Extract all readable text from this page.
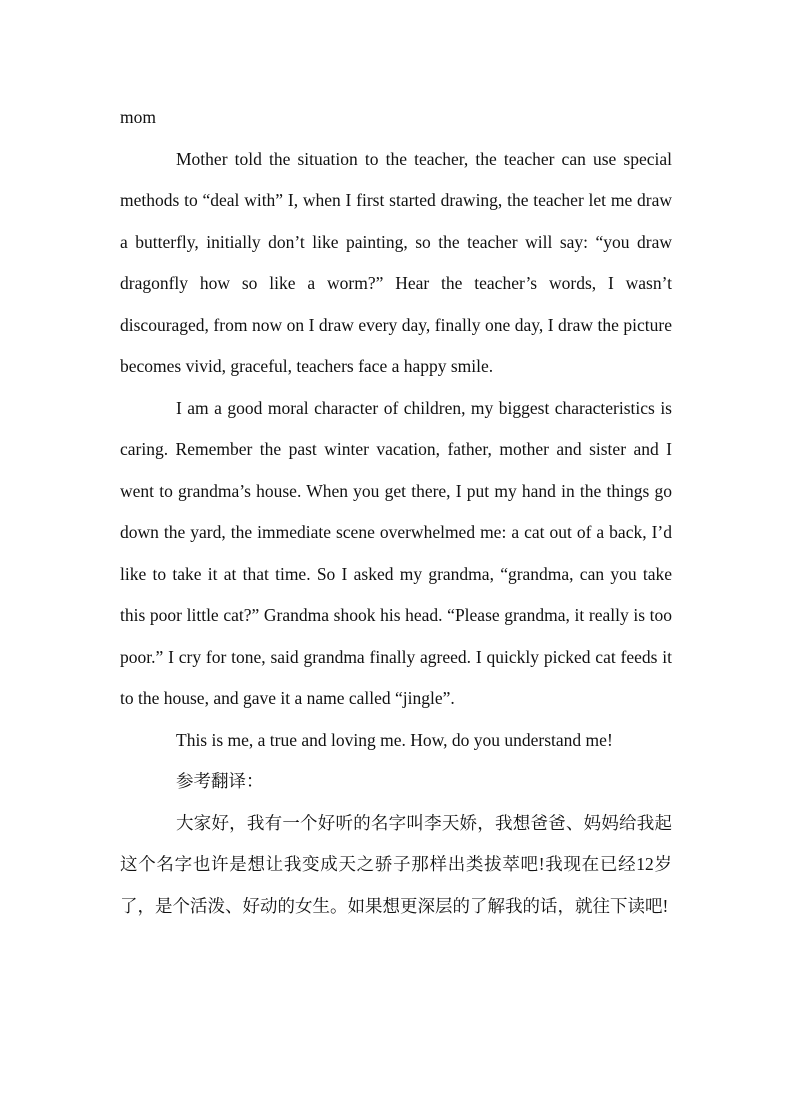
mom

Mother told the situation to the teacher, the teacher can use special methods to “deal with” I, when I first started drawing, the teacher let me draw a butterfly, initially don’t like painting, so the teacher will say: “you draw dragonfly how so like a worm?” Hear the teacher’s words, I wasn’t discouraged, from now on I draw every day, finally one day, I draw the picture becomes vivid, graceful, teachers face a happy smile.

I am a good moral character of children, my biggest characteristics is caring. Remember the past winter vacation, father, mother and sister and I went to grandma’s house. When you get there, I put my hand in the things go down the yard, the immediate scene overwhelmed me: a cat out of a back, I’d like to take it at that time. So I asked my grandma, “grandma, can you take this poor little cat?” Grandma shook his head. “Please grandma, it really is too poor.” I cry for tone, said grandma finally agreed. I quickly picked cat feeds it to the house, and gave it a name called “jingle”.

This is me, a true and loving me. How, do you understand me!

参考翻译：

大家好，我有一个好听的名字叫李天娇，我想爸爸、妈妈给我起这个名字也许是想让我变成天之骄子那样出类拔萃吧!我现在已经12岁了，是个活泼、好动的女生。如果想更深层的了解我的话，就往下读吧!
